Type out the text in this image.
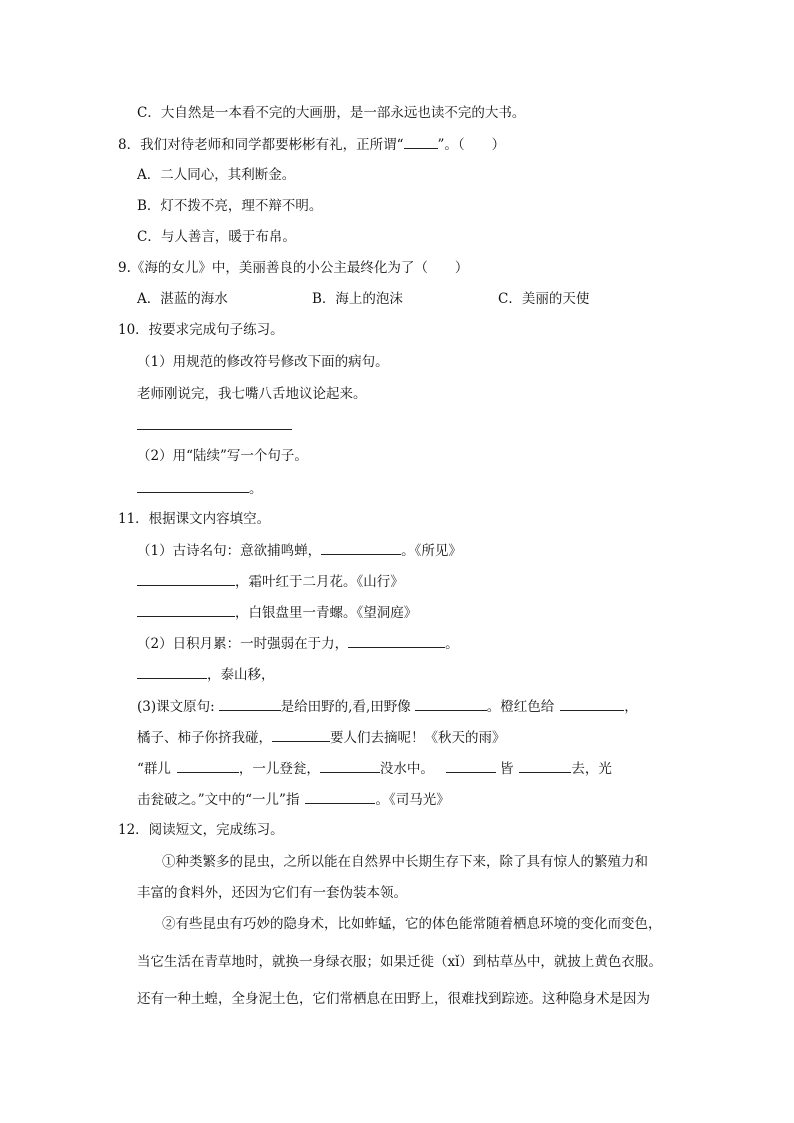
C．大自然是一本看不完的大画册，是一部永远也读不完的大书。
8．我们对待老师和同学都要彬彬有礼，正所谓“	”。（　　）
A．二人同心，其利断金。
B．灯不拨不亮，理不辩不明。
C．与人善言，暖于布帛。
9.《海的女儿》中，美丽善良的小公主最终化为了（　　）
A．湛蓝的海水	B．海上的泡沫	C．美丽的天使
10．按要求完成句子练习。
（1）用规范的修改符号修改下面的病句。
老师刚说完，我七嘴八舌地议论起来。
（2）用“陆续”写一个句子。
。
11．根据课文内容填空。
（1）古诗名句：意欲捕鸣蝉，	。《所见》
，霜叶红于二月花。《山行》
，白银盘里一青螺。《望洞庭》
（2）日积月累：一时强弱在于力，	。
，泰山移，
(3)课文原句:	是给田野的,看,田野像	。橙红色给	，
橘子、柿子你挤我碰，	要人们去摘呢！《秋天的雨》
“群儿	，一儿登瓮，	没水中。	皆	去，光
击瓮破之。”文中的“一儿”指	。《司马光》
12．阅读短文，完成练习。
①种类繁多的昆虫，之所以能在自然界中长期生存下来，除了具有惊人的繁殖力和
丰富的食料外，还因为它们有一套伪装本领。
②有些昆虫有巧妙的隐身术，比如蚱蜢，它的体色能常随着栖息环境的变化而变色，
当它生活在青草地时，就换一身绿衣服；如果迁徙（xǐ）到枯草丛中，就披上黄色衣服。
还有一种土蝗，全身泥土色，它们常栖息在田野上，很难找到踪迹。这种隐身术是因为
